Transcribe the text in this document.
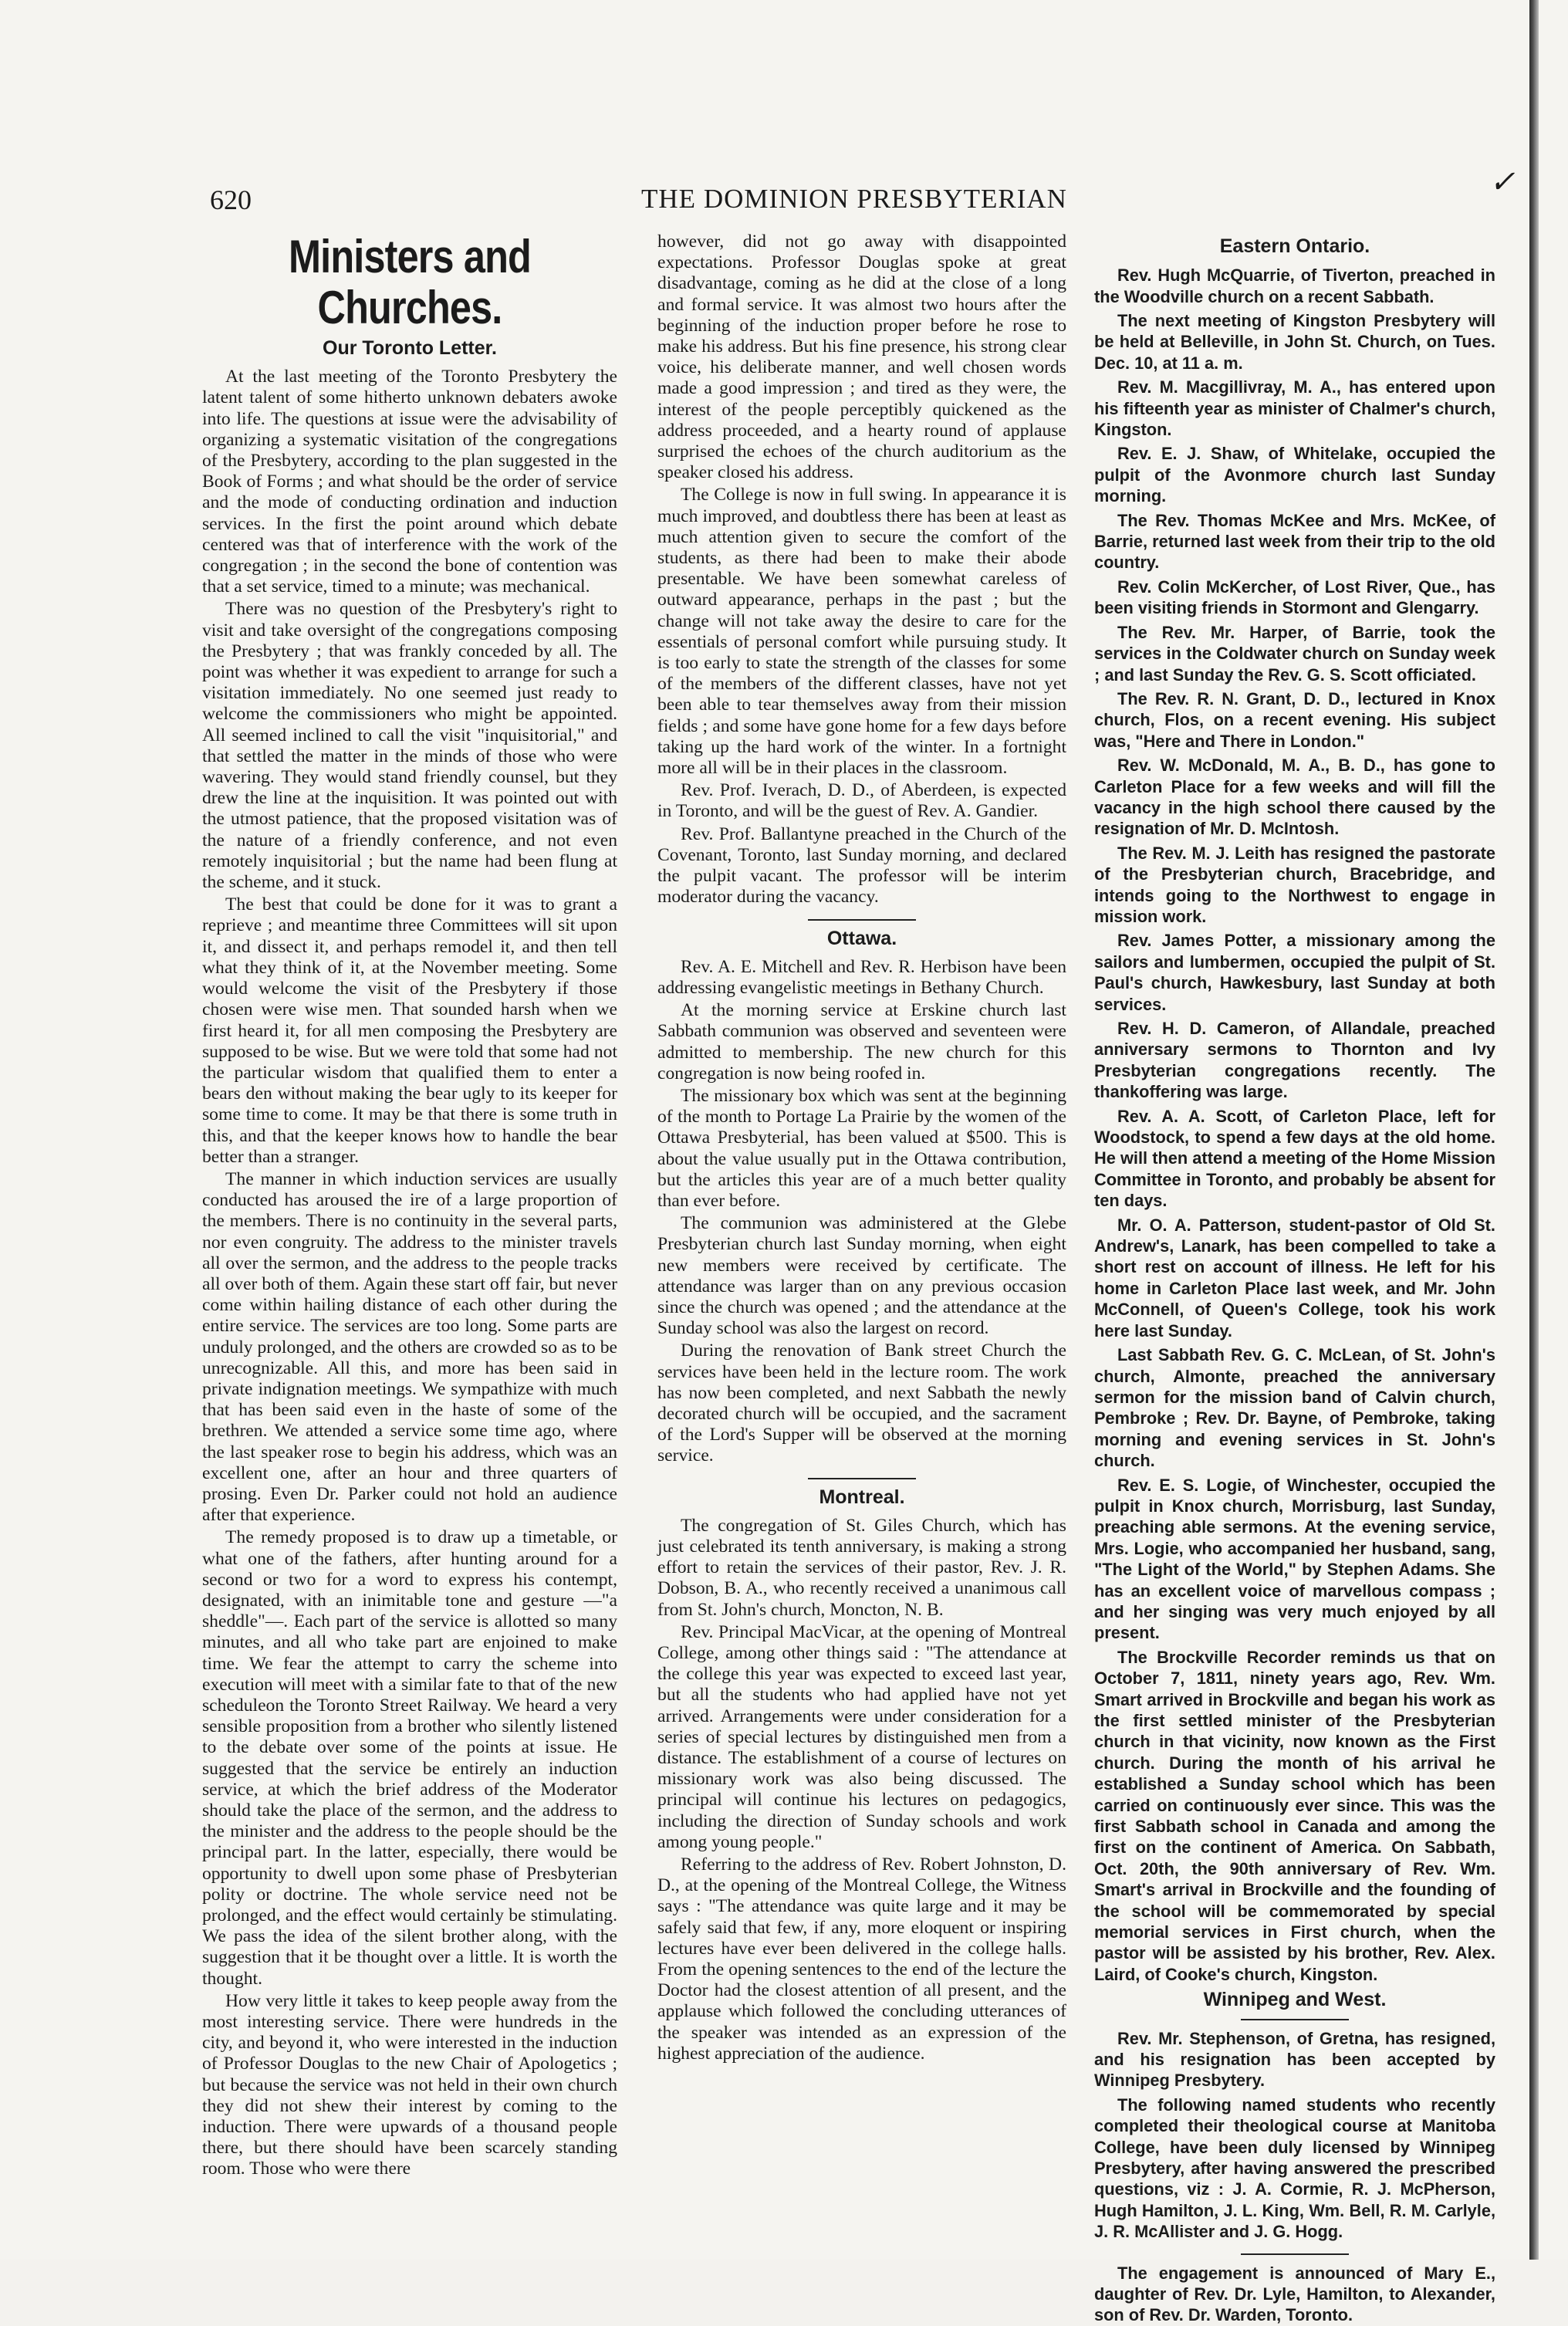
✓
620	THE DOMINION PRESBYTERIAN
Ministers and Churches.
Our Toronto Letter.

At the last meeting of the Toronto Presbytery the latent talent of some hitherto unknown debaters awoke into life. The questions at issue were the advisability of organizing a systematic visitation of the congregations of the Presbytery, according to the plan suggested in the Book of Forms ; and what should be the order of service and the mode of conducting ordination and induction services. In the first the point around which debate centered was that of interference with the work of the congregation ; in the second the bone of contention was that a set service, timed to a minute; was mechanical.

There was no question of the Presbytery's right to visit and take oversight of the congregations composing the Presbytery ; that was frankly conceded by all. The point was whether it was expedient to arrange for such a visitation immediately. No one seemed just ready to welcome the commissioners who might be appointed. All seemed inclined to call the visit "inquisitorial," and that settled the matter in the minds of those who were wavering. They would stand friendly counsel, but they drew the line at the inquisition. It was pointed out with the utmost patience, that the proposed visitation was of the nature of a friendly conference, and not even remotely inquisitorial ; but the name had been flung at the scheme, and it stuck.

The best that could be done for it was to grant a reprieve ; and meantime three Committees will sit upon it, and dissect it, and perhaps remodel it, and then tell what they think of it, at the November meeting. Some would welcome the visit of the Presbytery if those chosen were wise men. That sounded harsh when we first heard it, for all men composing the Presbytery are supposed to be wise. But we were told that some had not the particular wisdom that qualified them to enter a bears den without making the bear ugly to its keeper for some time to come. It may be that there is some truth in this, and that the keeper knows how to handle the bear better than a stranger.

The manner in which induction services are usually conducted has aroused the ire of a large proportion of the members. There is no continuity in the several parts, nor even congruity. The address to the minister travels all over the sermon, and the address to the people tracks all over both of them. Again these start off fair, but never come within hailing distance of each other during the entire service. The services are too long. Some parts are unduly prolonged, and the others are crowded so as to be unrecognizable. All this, and more has been said in private indignation meetings. We sympathize with much that has been said even in the haste of some of the brethren. We attended a service some time ago, where the last speaker rose to begin his address, which was an excellent one, after an hour and three quarters of prosing. Even Dr. Parker could not hold an audience after that experience.

The remedy proposed is to draw up a timetable, or what one of the fathers, after hunting around for a second or two for a word to express his contempt, designated, with an inimitable tone and gesture —"a sheddle"—. Each part of the service is allotted so many minutes, and all who take part are enjoined to make time. We fear the attempt to carry the scheme into execution will meet with a similar fate to that of the new scheduleon the Toronto Street Railway. We heard a very sensible proposition from a brother who silently listened to the debate over some of the points at issue. He suggested that the service be entirely an induction service, at which the brief address of the Moderator should take the place of the sermon, and the address to the minister and the address to the people should be the principal part. In the latter, especially, there would be opportunity to dwell upon some phase of Presbyterian polity or doctrine. The whole service need not be prolonged, and the effect would certainly be stimulating. We pass the idea of the silent brother along, with the suggestion that it be thought over a little. It is worth the thought.

How very little it takes to keep people away from the most interesting service. There were hundreds in the city, and beyond it, who were interested in the induction of Professor Douglas to the new Chair of Apologetics ; but because the service was not held in their own church they did not shew their interest by coming to the induction. There were upwards of a thousand people there, but there should have been scarcely standing room. Those who were there

however, did not go away with disappointed expectations. Professor Douglas spoke at great disadvantage, coming as he did at the close of a long and formal service. It was almost two hours after the beginning of the induction proper before he rose to make his address. But his fine presence, his strong clear voice, his deliberate manner, and well chosen words made a good impression ; and tired as they were, the interest of the people perceptibly quickened as the address proceeded, and a hearty round of applause surprised the echoes of the church auditorium as the speaker closed his address.

The College is now in full swing. In appearance it is much improved, and doubtless there has been at least as much attention given to secure the comfort of the students, as there had been to make their abode presentable. We have been somewhat careless of outward appearance, perhaps in the past ; but the change will not take away the desire to care for the essentials of personal comfort while pursuing study. It is too early to state the strength of the classes for some of the members of the different classes, have not yet been able to tear themselves away from their mission fields ; and some have gone home for a few days before taking up the hard work of the winter. In a fortnight more all will be in their places in the classroom.

Rev. Prof. Iverach, D. D., of Aberdeen, is expected in Toronto, and will be the guest of Rev. A. Gandier.

Rev. Prof. Ballantyne preached in the Church of the Covenant, Toronto, last Sunday morning, and declared the pulpit vacant. The professor will be interim moderator during the vacancy.

Ottawa.

Rev. A. E. Mitchell and Rev. R. Herbison have been addressing evangelistic meetings in Bethany Church.

At the morning service at Erskine church last Sabbath communion was observed and seventeen were admitted to membership. The new church for this congregation is now being roofed in.

The missionary box which was sent at the beginning of the month to Portage La Prairie by the women of the Ottawa Presbyterial, has been valued at $500. This is about the value usually put in the Ottawa contribution, but the articles this year are of a much better quality than ever before.

The communion was administered at the Glebe Presbyterian church last Sunday morning, when eight new members were received by certificate. The attendance was larger than on any previous occasion since the church was opened ; and the attendance at the Sunday school was also the largest on record.

During the renovation of Bank street Church the services have been held in the lecture room. The work has now been completed, and next Sabbath the newly decorated church will be occupied, and the sacrament of the Lord's Supper will be observed at the morning service.

Montreal.

The congregation of St. Giles Church, which has just celebrated its tenth anniversary, is making a strong effort to retain the services of their pastor, Rev. J. R. Dobson, B. A., who recently received a unanimous call from St. John's church, Moncton, N. B.

Rev. Principal MacVicar, at the opening of Montreal College, among other things said : "The attendance at the college this year was expected to exceed last year, but all the students who had applied have not yet arrived. Arrangements were under consideration for a series of special lectures by distinguished men from a distance. The establishment of a course of lectures on missionary work was also being discussed. The principal will continue his lectures on pedagogics, including the direction of Sunday schools and work among young people."

Referring to the address of Rev. Robert Johnston, D. D., at the opening of the Montreal College, the Witness says : "The attendance was quite large and it may be safely said that few, if any, more eloquent or inspiring lectures have ever been delivered in the college halls. From the opening sentences to the end of the lecture the Doctor had the closest attention of all present, and the applause which followed the concluding utterances of the speaker was intended as an expression of the highest appreciation of the audience.

Eastern Ontario.

Rev. Hugh McQuarrie, of Tiverton, preached in the Woodville church on a recent Sabbath.

The next meeting of Kingston Presbytery will be held at Belleville, in John St. Church, on Tues. Dec. 10, at 11 a. m.

Rev. M. Macgillivray, M. A., has entered upon his fifteenth year as minister of Chalmer's church, Kingston.

Rev. E. J. Shaw, of Whitelake, occupied the pulpit of the Avonmore church last Sunday morning.

The Rev. Thomas McKee and Mrs. McKee, of Barrie, returned last week from their trip to the old country.

Rev. Colin McKercher, of Lost River, Que., has been visiting friends in Stormont and Glengarry.

The Rev. Mr. Harper, of Barrie, took the services in the Coldwater church on Sunday week ; and last Sunday the Rev. G. S. Scott officiated.

The Rev. R. N. Grant, D. D., lectured in Knox church, Flos, on a recent evening. His subject was, "Here and There in London."

Rev. W. McDonald, M. A., B. D., has gone to Carleton Place for a few weeks and will fill the vacancy in the high school there caused by the resignation of Mr. D. McIntosh.

The Rev. M. J. Leith has resigned the pastorate of the Presbyterian church, Bracebridge, and intends going to the Northwest to engage in mission work.

Rev. James Potter, a missionary among the sailors and lumbermen, occupied the pulpit of St. Paul's church, Hawkesbury, last Sunday at both services.

Rev. H. D. Cameron, of Allandale, preached anniversary sermons to Thornton and Ivy Presbyterian congregations recently. The thankoffering was large.

Rev. A. A. Scott, of Carleton Place, left for Woodstock, to spend a few days at the old home. He will then attend a meeting of the Home Mission Committee in Toronto, and probably be absent for ten days.

Mr. O. A. Patterson, student-pastor of Old St. Andrew's, Lanark, has been compelled to take a short rest on account of illness. He left for his home in Carleton Place last week, and Mr. John McConnell, of Queen's College, took his work here last Sunday.

Last Sabbath Rev. G. C. McLean, of St. John's church, Almonte, preached the anniversary sermon for the mission band of Calvin church, Pembroke ; Rev. Dr. Bayne, of Pembroke, taking morning and evening services in St. John's church.

Rev. E. S. Logie, of Winchester, occupied the pulpit in Knox church, Morrisburg, last Sunday, preaching able sermons. At the evening service, Mrs. Logie, who accompanied her husband, sang, "The Light of the World," by Stephen Adams. She has an excellent voice of marvellous compass ; and her singing was very much enjoyed by all present.

The Brockville Recorder reminds us that on October 7, 1811, ninety years ago, Rev. Wm. Smart arrived in Brockville and began his work as the first settled minister of the Presbyterian church in that vicinity, now known as the First church. During the month of his arrival he established a Sunday school which has been carried on continuously ever since. This was the first Sabbath school in Canada and among the first on the continent of America. On Sabbath, Oct. 20th, the 90th anniversary of Rev. Wm. Smart's arrival in Brockville and the founding of the school will be commemorated by special memorial services in First church, when the pastor will be assisted by his brother, Rev. Alex. Laird, of Cooke's church, Kingston.

Winnipeg and West.

Rev. Mr. Stephenson, of Gretna, has resigned, and his resignation has been accepted by Winnipeg Presbytery.

The following named students who recently completed their theological course at Manitoba College, have been duly licensed by Winnipeg Presbytery, after having answered the prescribed questions, viz : J. A. Cormie, R. J. McPherson, Hugh Hamilton, J. L. King, Wm. Bell, R. M. Carlyle, J. R. McAllister and J. G. Hogg.

The engagement is announced of Mary E., daughter of Rev. Dr. Lyle, Hamilton, to Alexander, son of Rev. Dr. Warden, Toronto.
